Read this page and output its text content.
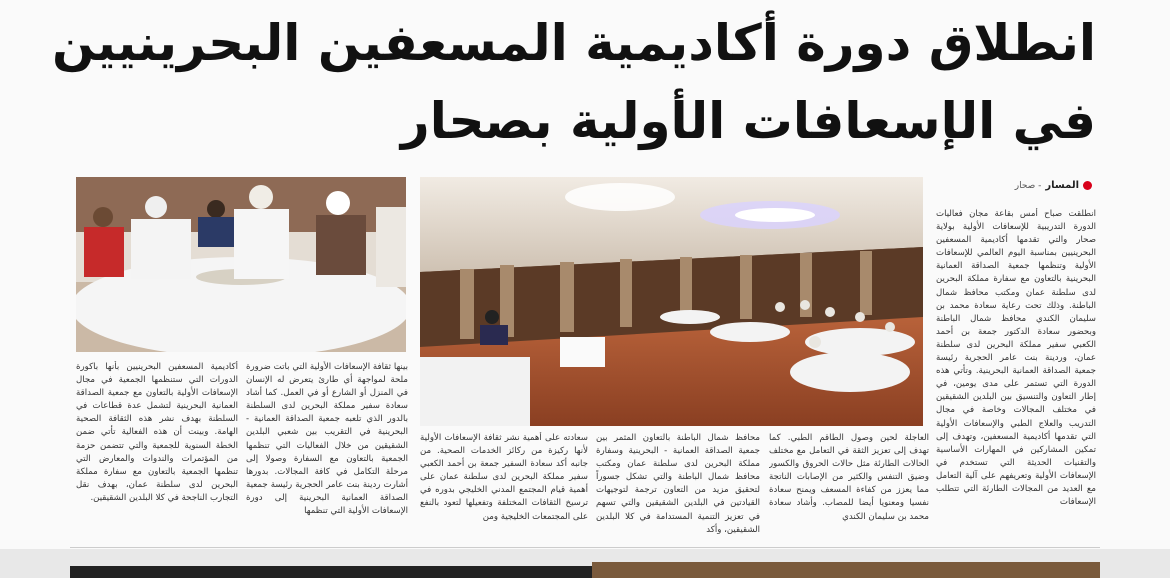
انطلاق دورة أكاديمية المسعفين البحرينيين
في الإسعافات الأولية بصحار
المسار
- صحار
انطلقت صباح أمس بقاعة مجان فعاليات الدورة التدريبية للإسعافات الأولية بولاية صحار والتي تقدمها أكاديمية المسعفين البحرينيين بمناسبة اليوم العالمي للإسعافات الأولية وتنظمها جمعية الصداقة العمانية البحرينية بالتعاون مع سفارة مملكة البحرين لدى سلطنة عمان ومكتب محافظ شمال الباطنة. وذلك تحت رعاية سعادة محمد بن سليمان الكندي محافظ شمال الباطنة وبحضور سعادة الدكتور جمعة بن أحمد الكعبي سفير مملكة البحرين لدى سلطنة عمان، وردينة بنت عامر الحجرية رئيسة جمعية الصداقة العمانية البحرينية. وتأتي هذه الدورة التي تستمر على مدى يومين، في إطار التعاون والتنسيق بين البلدين الشقيقين في مختلف المجالات وخاصة في مجال التدريب والعلاج الطبي والإسعافات الأولية التي تقدمها أكاديمية المسعفين، وتهدف إلى تمكين المشاركين في المهارات الأساسية والتقنيات الحديثة التي تستخدم في الإسعافات الأولية وتعريفهم على آلية التعامل مع العديد من المجالات الطارئة التي تتطلب الإسعافات
العاجلة لحين وصول الطاقم الطبي. كما تهدف إلى تعزيز الثقة في التعامل مع مختلف الحالات الطارئة مثل حالات الحروق والكسور وضيق التنفس والكثير من الإصابات الناتجة مما يعزز من كفاءة المسعف ويمنح سعادة نفسيا ومعنويا أيضا للمصاب. وأشاد سعادة محمد بن سليمان الكندي
محافظ شمال الباطنة بالتعاون المثمر بين جمعية الصداقة العمانية - البحرينية وسفارة مملكة البحرين لدى سلطنة عمان ومكتب محافظ شمال الباطنة والتي تشكل جسوراً لتحقيق مزيد من التعاون ترجمة لتوجيهات القيادتين في البلدين الشقيقين والتي تسهم في تعزيز التنمية المستدامة في كلا البلدين الشقيقين، وأكد
سعادته على أهمية نشر ثقافة الإسعافات الأولية لأنها ركيزة من ركائز الخدمات الصحية. من جانبه أكد سعادة السفير جمعة بن أحمد الكعبي سفير مملكة البحرين لدى سلطنة عمان على أهمية قيام المجتمع المدني الخليجي بدوره في ترسيخ الثقافات المختلفة وتفعيلها لتعود بالنفع على المجتمعات الخليجية ومن
بينها ثقافة الإسعافات الأولية التي باتت ضرورة ملحة لمواجهة أي طارئ يتعرض له الإنسان في المنزل أو الشارع أو في العمل. كما أشاد سعادة سفير مملكة البحرين لدى السلطنة بالدور الذي تلعبه جمعية الصداقة العمانية - البحرينية في التقريب بين شعبي البلدين الشقيقين من خلال الفعاليات التي تنظمها الجمعية بالتعاون مع السفارة وصولا إلى مرحلة التكامل في كافة المجالات. بدورها أشارت ردينة بنت عامر الحجرية رئيسة جمعية الصداقة العمانية البحرينية إلى دورة الإسعافات الأولية التي تنظمها
أكاديمية المسعفين البحرينيين بأنها باكورة الدورات التي ستنظمها الجمعية في مجال الإسعافات الأولية بالتعاون مع جمعية الصداقة العمانية البحرينية لتشمل عدة قطاعات في السلطنة بهدف نشر هذه الثقافة الصحية الهامة. وبينت أن هذه الفعالية تأتي ضمن الخطة السنوية للجمعية والتي تتضمن حزمة من المؤتمرات والندوات والمعارض التي تنظمها الجمعية بالتعاون مع سفارة مملكة البحرين لدى سلطنة عمان، بهدف نقل التجارب الناجحة في كلا البلدين الشقيقين.
